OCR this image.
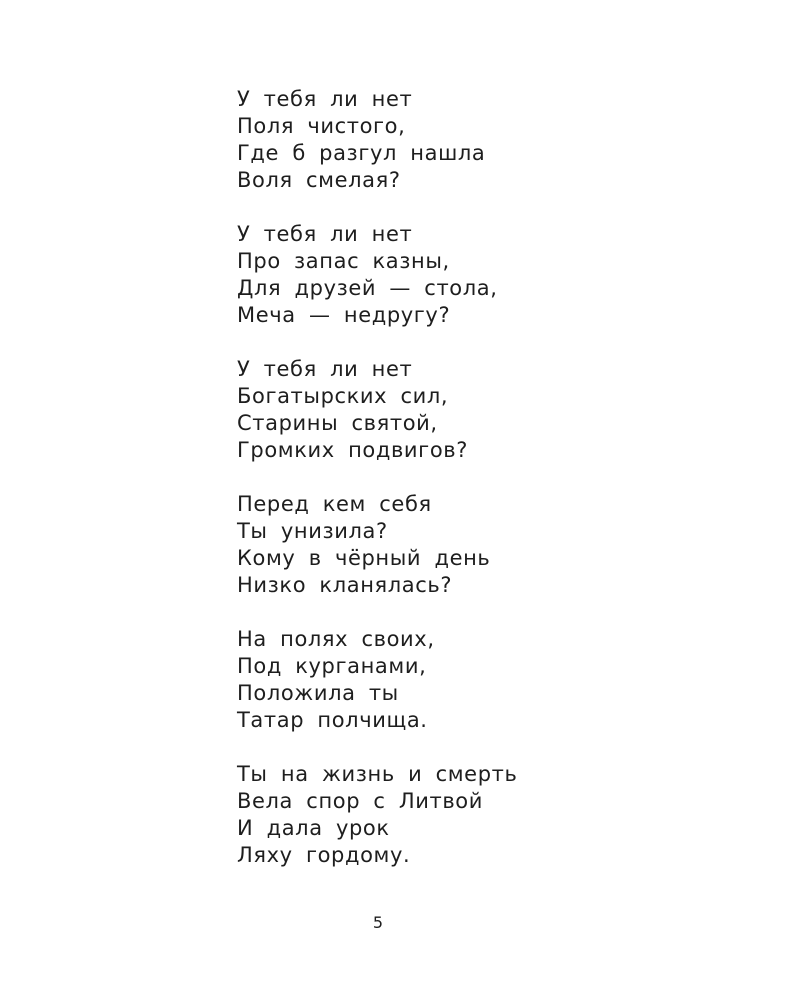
У тебя ли нет
Поля чистого,
Где б разгул нашла
Воля смелая?
У тебя ли нет
Про запас казны,
Для друзей — стола,
Меча — недругу?
У тебя ли нет
Богатырских сил,
Старины святой,
Громких подвигов?
Перед кем себя
Ты унизила?
Кому в чёрный день
Низко кланялась?
На полях своих,
Под курганами,
Положила ты
Татар полчища.
Ты на жизнь и смерть
Вела спор с Литвой
И дала урок
Ляху гордому.
5
